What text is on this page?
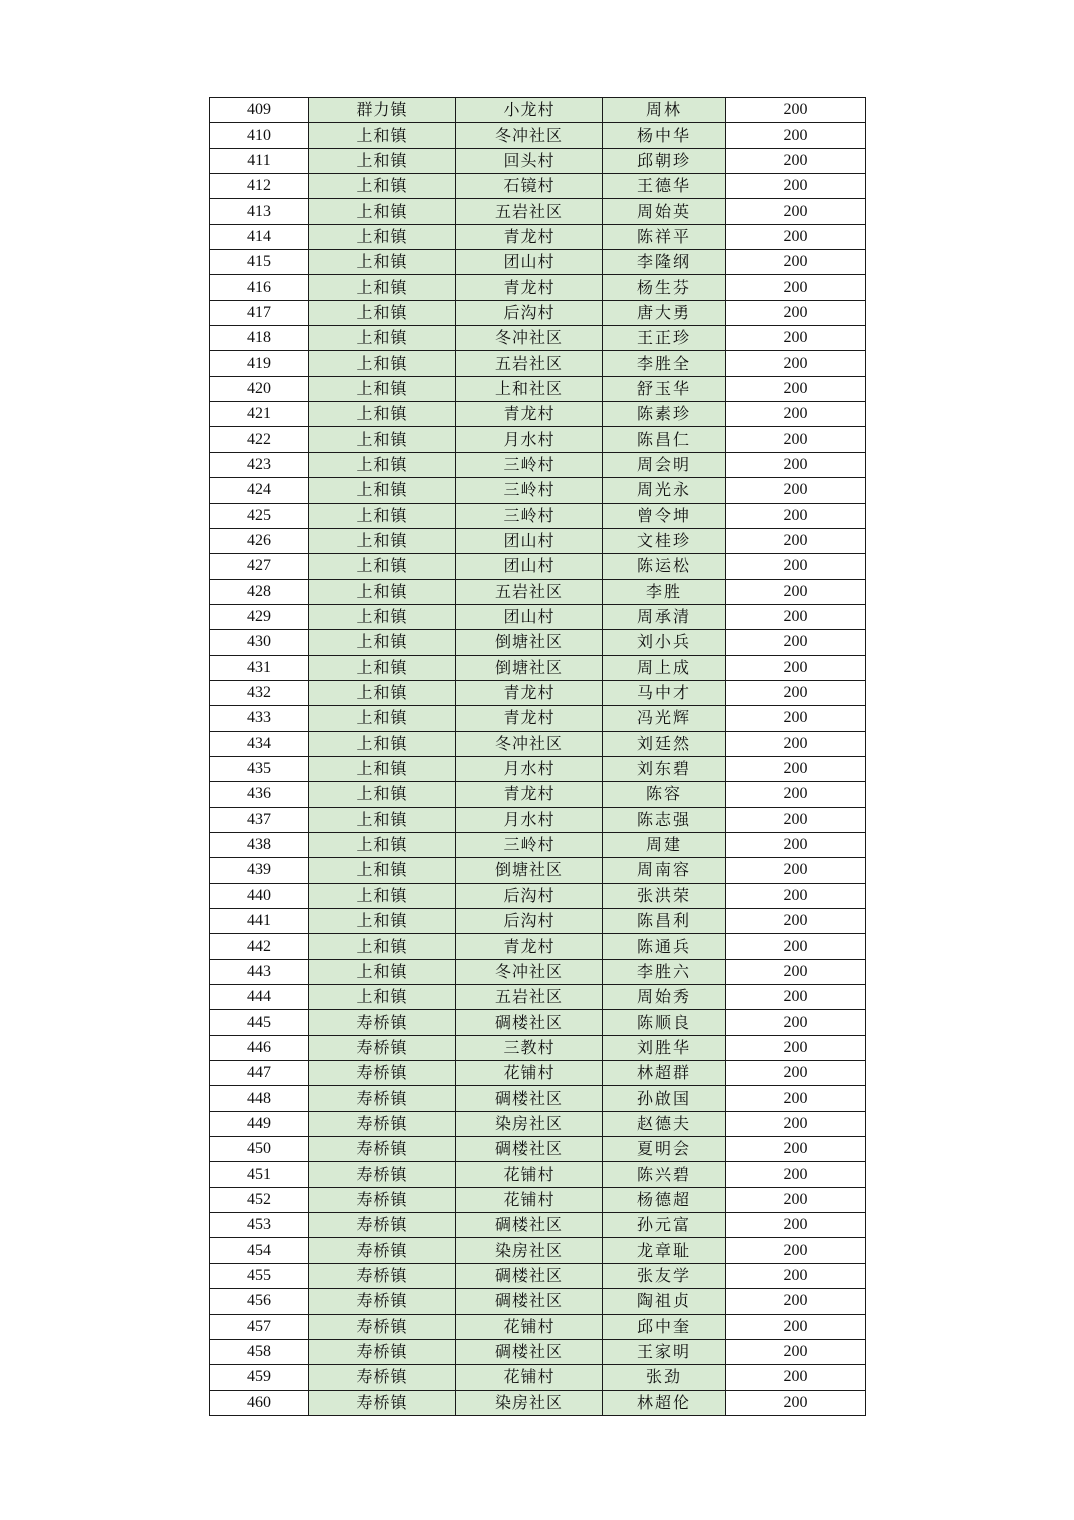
409	群力镇	小龙村	周林	200
410	上和镇	冬冲社区	杨中华	200
411	上和镇	回头村	邱朝珍	200
412	上和镇	石镜村	王德华	200
413	上和镇	五岩社区	周始英	200
414	上和镇	青龙村	陈祥平	200
415	上和镇	团山村	李隆纲	200
416	上和镇	青龙村	杨生芬	200
417	上和镇	后沟村	唐大勇	200
418	上和镇	冬冲社区	王正珍	200
419	上和镇	五岩社区	李胜全	200
420	上和镇	上和社区	舒玉华	200
421	上和镇	青龙村	陈素珍	200
422	上和镇	月水村	陈昌仁	200
423	上和镇	三岭村	周会明	200
424	上和镇	三岭村	周光永	200
425	上和镇	三岭村	曾令坤	200
426	上和镇	团山村	文桂珍	200
427	上和镇	团山村	陈运松	200
428	上和镇	五岩社区	李胜	200
429	上和镇	团山村	周承清	200
430	上和镇	倒塘社区	刘小兵	200
431	上和镇	倒塘社区	周上成	200
432	上和镇	青龙村	马中才	200
433	上和镇	青龙村	冯光辉	200
434	上和镇	冬冲社区	刘廷然	200
435	上和镇	月水村	刘东碧	200
436	上和镇	青龙村	陈容	200
437	上和镇	月水村	陈志强	200
438	上和镇	三岭村	周建	200
439	上和镇	倒塘社区	周南容	200
440	上和镇	后沟村	张洪荣	200
441	上和镇	后沟村	陈昌利	200
442	上和镇	青龙村	陈通兵	200
443	上和镇	冬冲社区	李胜六	200
444	上和镇	五岩社区	周始秀	200
445	寿桥镇	碉楼社区	陈顺良	200
446	寿桥镇	三教村	刘胜华	200
447	寿桥镇	花铺村	林超群	200
448	寿桥镇	碉楼社区	孙啟国	200
449	寿桥镇	染房社区	赵德夫	200
450	寿桥镇	碉楼社区	夏明会	200
451	寿桥镇	花铺村	陈兴碧	200
452	寿桥镇	花铺村	杨德超	200
453	寿桥镇	碉楼社区	孙元富	200
454	寿桥镇	染房社区	龙章耻	200
455	寿桥镇	碉楼社区	张友学	200
456	寿桥镇	碉楼社区	陶祖贞	200
457	寿桥镇	花铺村	邱中奎	200
458	寿桥镇	碉楼社区	王家明	200
459	寿桥镇	花铺村	张劲	200
460	寿桥镇	染房社区	林超伦	200
